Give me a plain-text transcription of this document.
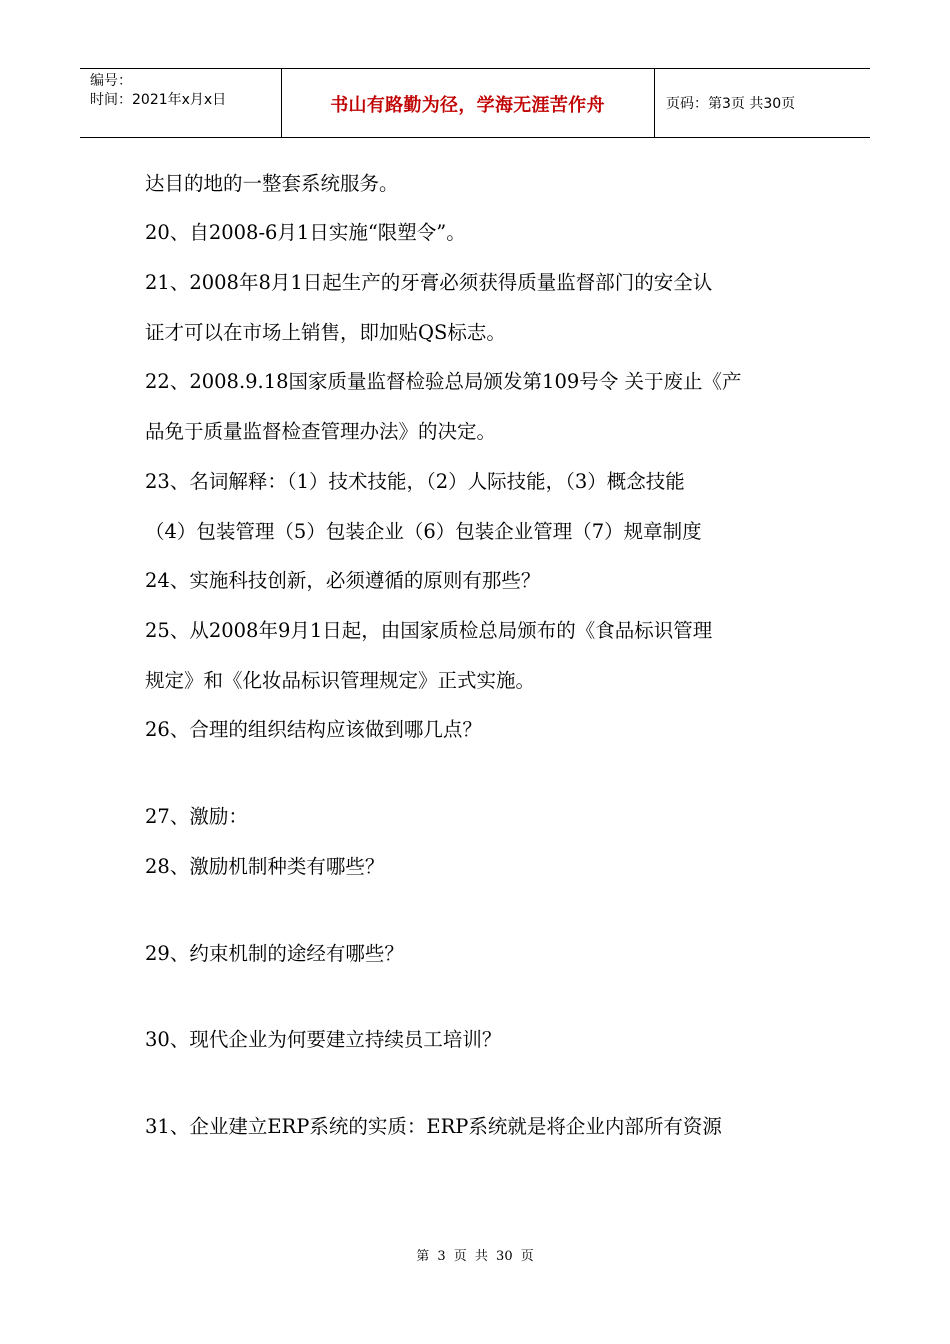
编号：
时间：2021年x月x日	书山有路勤为径，学海无涯苦作舟	页码：第3页 共30页
达目的地的一整套系统服务。
20、自2008-6月1日实施“限塑令”。
21、2008年8月1日起生产的牙膏必须获得质量监督部门的安全认
证才可以在市场上销售，即加贴QS标志。
22、2008.9.18国家质量监督检验总局颁发第109号令 关于废止《产
品免于质量监督检查管理办法》的决定。
23、名词解释：（1）技术技能，（2）人际技能，（3）概念技能
（4）包装管理（5）包装企业（6）包装企业管理（7）规章制度
24、实施科技创新，必须遵循的原则有那些？
25、从2008年9月1日起，由国家质检总局颁布的《食品标识管理
规定》和《化妆品标识管理规定》正式实施。
26、合理的组织结构应该做到哪几点？
27、激励：
28、激励机制种类有哪些？
29、约束机制的途经有哪些？
30、现代企业为何要建立持续员工培训？
31、企业建立ERP系统的实质：ERP系统就是将企业内部所有资源
第 3 页 共 30 页
